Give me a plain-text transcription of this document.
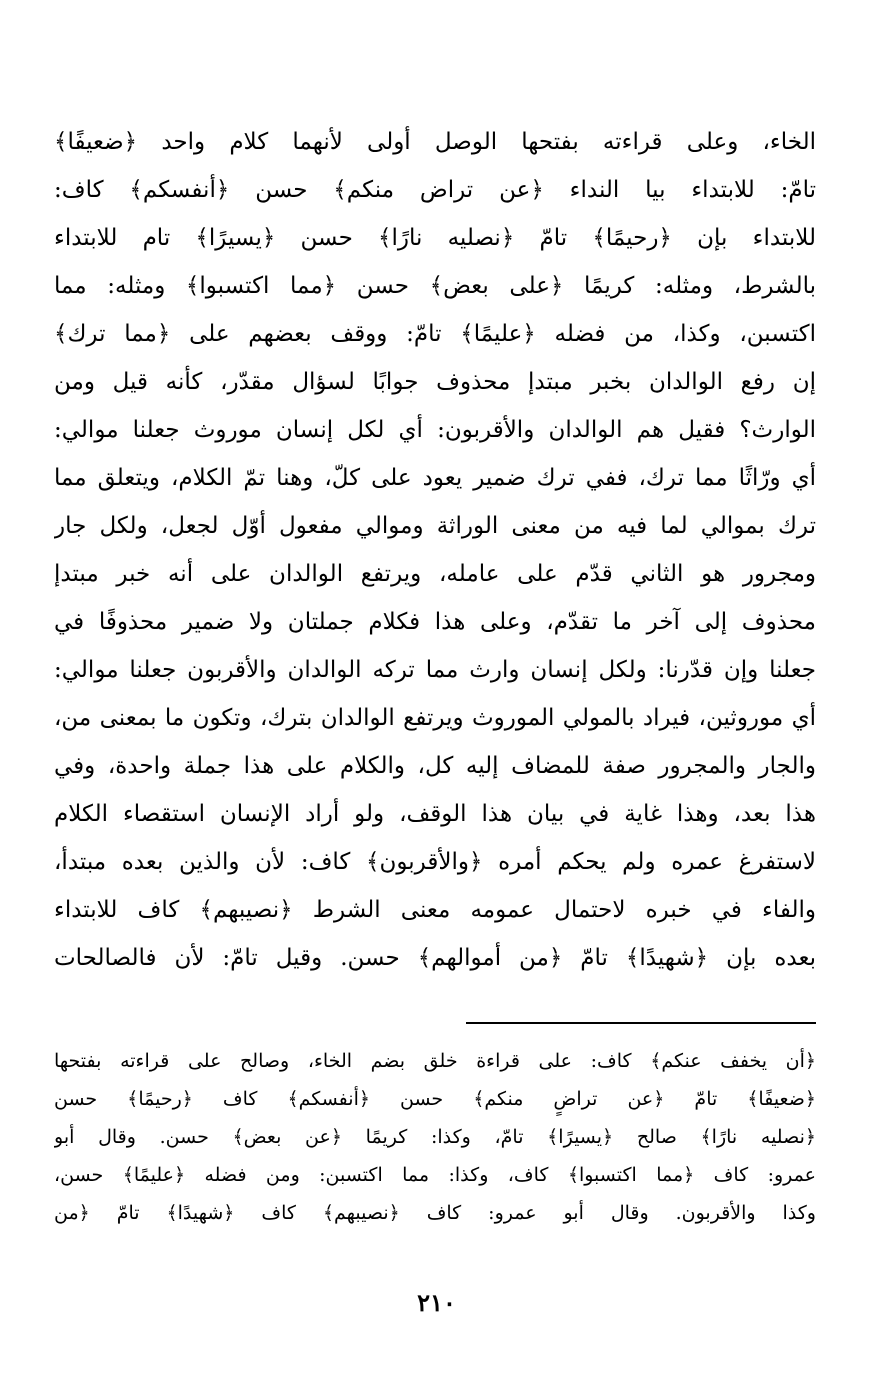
الخاء، وعلى قراءته بفتحها الوصل أولى لأنهما كلام واحد ﴿ضعيفًا﴾
تامّ: للابتداء بيا النداء ﴿عن تراض منكم﴾ حسن ﴿أنفسكم﴾ كاف:
للابتداء بإن ﴿رحيمًا﴾ تامّ ﴿نصليه نارًا﴾ حسن ﴿يسيرًا﴾ تام للابتداء
بالشرط، ومثله: كريمًا ﴿على بعض﴾ حسن ﴿مما اكتسبوا﴾ ومثله: مما
اكتسبن، وكذا، من فضله ﴿عليمًا﴾ تامّ: ووقف بعضهم على ﴿مما ترك﴾
إن رفع الوالدان بخبر مبتدإ محذوف جوابًا لسؤال مقدّر، كأنه قيل ومن
الوارث؟ فقيل هم الوالدان والأقربون: أي لكل إنسان موروث جعلنا موالي:
أي ورّاثًا مما ترك، ففي ترك ضمير يعود على كلّ، وهنا تمّ الكلام، ويتعلق مما
ترك بموالي لما فيه من معنى الوراثة وموالي مفعول أوّل لجعل، ولكل جار
ومجرور هو الثاني قدّم على عامله، ويرتفع الوالدان على أنه خبر مبتدإ
محذوف إلى آخر ما تقدّم، وعلى هذا فكلام جملتان ولا ضمير محذوفًا في
جعلنا وإن قدّرنا: ولكل إنسان وارث مما تركه الوالدان والأقربون جعلنا موالي:
أي موروثين، فيراد بالمولي الموروث ويرتفع الوالدان بترك، وتكون ما بمعنى من،
والجار والمجرور صفة للمضاف إليه كل، والكلام على هذا جملة واحدة، وفي
هذا بعد، وهذا غاية في بيان هذا الوقف، ولو أراد الإنسان استقصاء الكلام
لاستفرغ عمره ولم يحكم أمره ﴿والأقربون﴾ كاف: لأن والذين بعده مبتدأ،
والفاء في خبره لاحتمال عمومه معنى الشرط ﴿نصيبهم﴾ كاف للابتداء
بعده بإن ﴿شهيدًا﴾ تامّ ﴿من أموالهم﴾ حسن. وقيل تامّ: لأن فالصالحات
﴿أن يخفف عنكم﴾ كاف: على قراءة خلق بضم الخاء، وصالح على قراءته بفتحها
﴿ضعيفًا﴾ تامّ ﴿عن تراضٍ منكم﴾ حسن ﴿أنفسكم﴾ كاف ﴿رحيمًا﴾ حسن
﴿نصليه نارًا﴾ صالح ﴿يسيرًا﴾ تامّ، وكذا: كريمًا ﴿عن بعض﴾ حسن. وقال أبو
عمرو: كاف ﴿مما اكتسبوا﴾ كاف، وكذا: مما اكتسبن: ومن فضله ﴿عليمًا﴾ حسن،
وكذا والأقربون. وقال أبو عمرو: كاف ﴿نصيبهم﴾ كاف ﴿شهيدًا﴾ تامّ ﴿من
٢١٠
